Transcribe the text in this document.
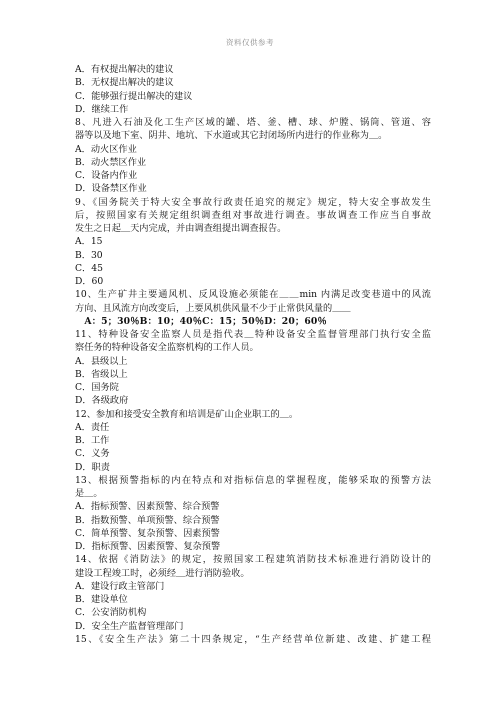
资料仅供参考
A．有权提出解决的建议
B．无权提出解决的建议
C．能够强行提出解决的建议
D．继续工作
8、凡进入石油及化工生产区域的罐、塔、釜、槽、球、炉膛、锅筒、管道、容
器等以及地下室、阴井、地坑、下水道或其它封闭场所内进行的作业称为＿。
A．动火区作业
B．动火禁区作业
C．设备内作业
D．设备禁区作业
9、《国务院关于特大安全事故行政责任追究的规定》规定，特大安全事故发生
后，按照国家有关规定组织调查组对事故进行调查。事故调查工作应当自事故
发生之日起＿天内完成，并由调查组提出调查报告。
A．15
B．30
C．45
D．60
10、生产矿井主要通风机、反风设施必须能在＿＿min 内满足改变巷道中的风流
方向、且风流方向改变后，上要风机供风量不少于止常供风量的＿＿
　A：5；30％B：10；40％C：15；50％D：20；60％
11、特种设备安全监察人员是指代表＿特种设备安全监督管理部门执行安全监
察任务的特种设备安全监察机构的工作人员。
A．县级以上
B．省级以上
C．国务院
D．各级政府
12、参加和接受安全教育和培训是矿山企业职工的＿。
A．责任
B．工作
C．义务
D．职责
13、根据预警指标的内在特点和对指标信息的掌握程度，能够采取的预警方法
是＿。
A．指标预警、因素预警、综合预警
B．指数预警、单项预警、综合预警
C．简单预警、复杂预警、因素预警
D．指标预警、因素预警、复杂预警
14、依据《消防法》的规定，按照国家工程建筑消防技术标准进行消防设计的
建设工程竣工时，必须经＿进行消防验收。
A．建设行政主管部门
B．建设单位
C．公安消防机构
D．安全生产监督管理部门
15、《安全生产法》第二十四条规定，“生产经营单位新建、改建、扩建工程
